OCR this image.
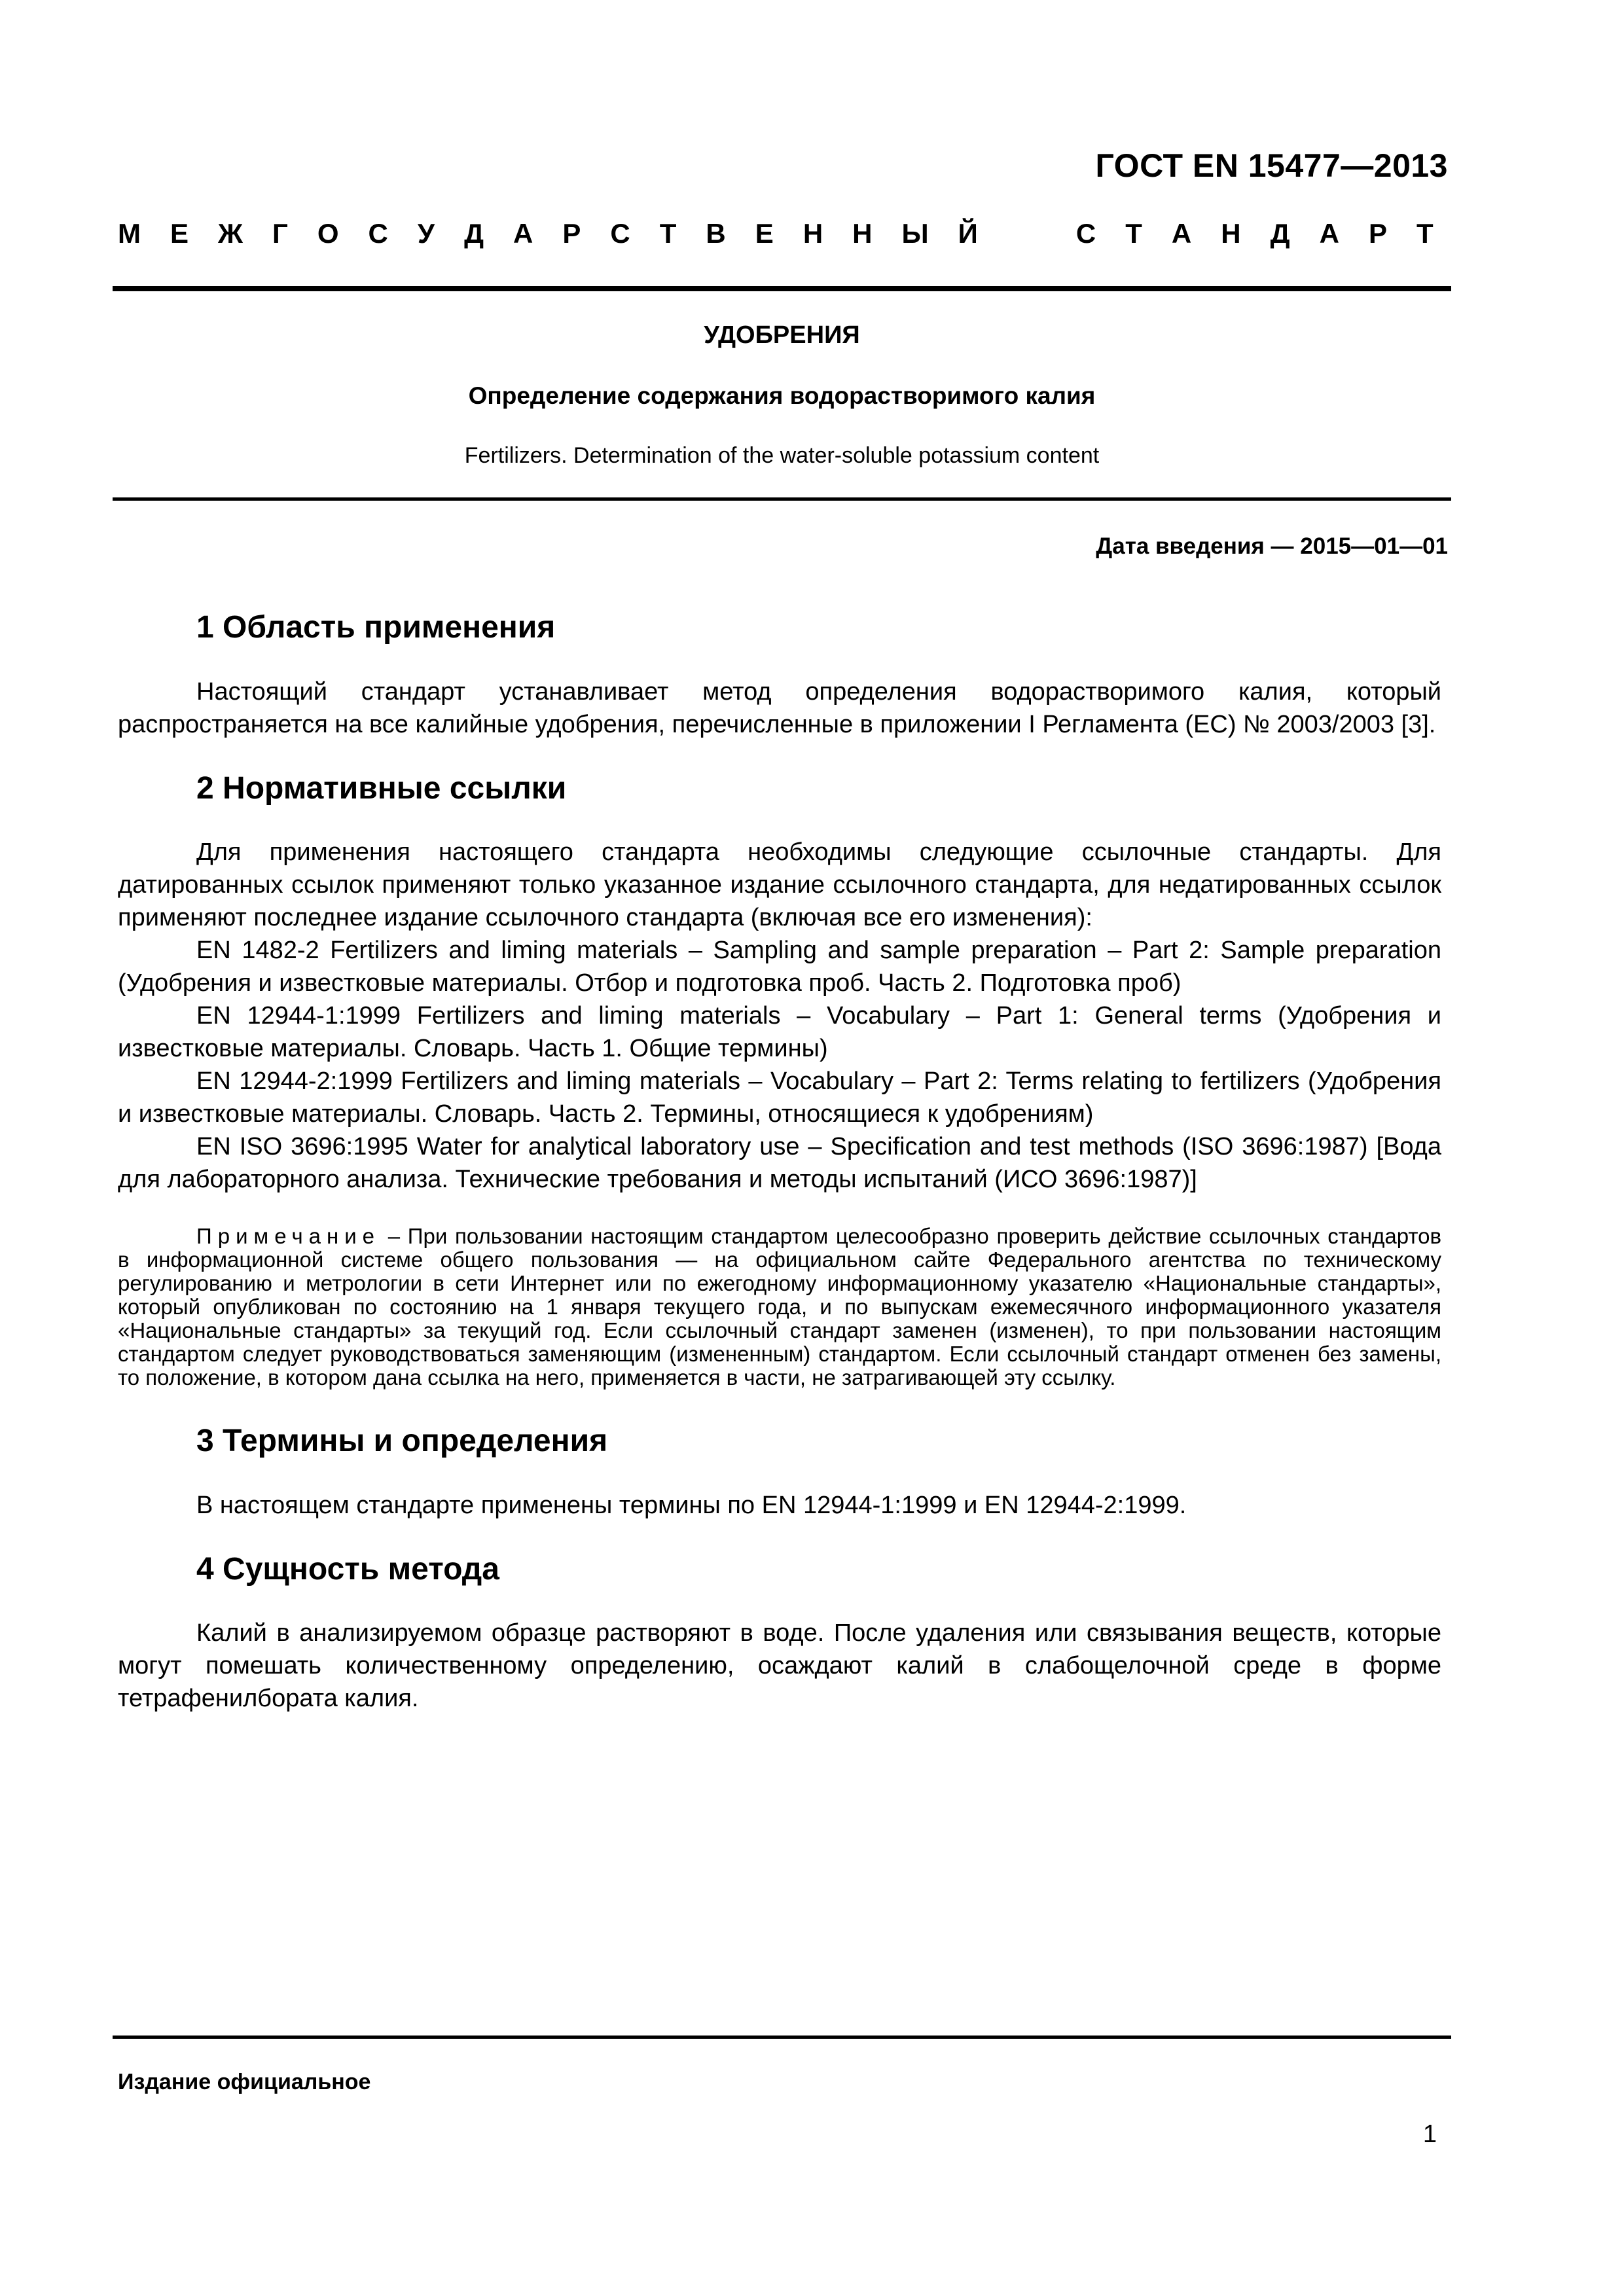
ГОСТ EN 15477—2013
М Е Ж Г О С У Д А Р С Т В Е Н Н Ы Й	С Т А Н Д А Р Т
УДОБРЕНИЯ
Определение содержания водорастворимого калия
Fertilizers. Determination of the water-soluble potassium content
Дата введения — 2015—01—01
1 Область применения

Настоящий стандарт устанавливает метод определения водорастворимого калия, который распространяется на все калийные удобрения, перечисленные в приложении I Регламента (ЕС) № 2003/2003 [3].

2 Нормативные ссылки

Для применения настоящего стандарта необходимы следующие ссылочные стандарты. Для датированных ссылок применяют только указанное издание ссылочного стандарта, для недатированных ссылок применяют последнее издание ссылочного стандарта (включая все его изменения):

EN 1482-2 Fertilizers and liming materials – Sampling and sample preparation – Part 2: Sample preparation (Удобрения и известковые материалы. Отбор и подготовка проб. Часть 2. Подготовка проб)

EN 12944-1:1999 Fertilizers and liming materials – Vocabulary – Part 1: General terms (Удобрения и известковые материалы. Словарь. Часть 1. Общие термины)

EN 12944-2:1999 Fertilizers and liming materials – Vocabulary – Part 2: Terms relating to fertilizers (Удобрения и известковые материалы. Словарь. Часть 2. Термины, относящиеся к удобрениям)

EN ISO 3696:1995 Water for analytical laboratory use – Specification and test methods (ISO 3696:1987) [Вода для лабораторного анализа. Технические требования и методы испытаний (ИСО 3696:1987)]

Примечание – При пользовании настоящим стандартом целесообразно проверить действие ссылочных стандартов в информационной системе общего пользования — на официальном сайте Федерального агентства по техническому регулированию и метрологии в сети Интернет или по ежегодному информационному указателю «Национальные стандарты», который опубликован по состоянию на 1 января текущего года, и по выпускам ежемесячного информационного указателя «Национальные стандарты» за текущий год. Если ссылочный стандарт заменен (изменен), то при пользовании настоящим стандартом следует руководствоваться заменяющим (измененным) стандартом. Если ссылочный стандарт отменен без замены, то положение, в котором дана ссылка на него, применяется в части, не затрагивающей эту ссылку.

3 Термины и определения

В настоящем стандарте применены термины по EN 12944-1:1999 и EN 12944-2:1999.

4 Сущность метода

Калий в анализируемом образце растворяют в воде. После удаления или связывания веществ, которые могут помешать количественному определению, осаждают калий в слабощелочной среде в форме тетрафенилбората калия.

Издание официальное
1
